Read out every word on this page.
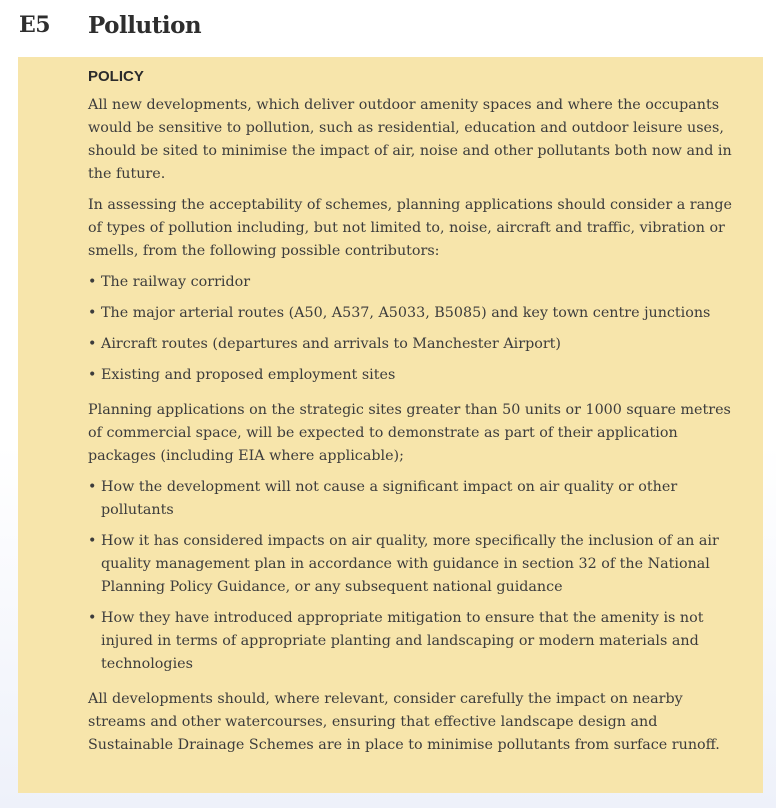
E5	Pollution
POLICY

All new developments, which deliver outdoor amenity spaces and where the occupants would be sensitive to pollution, such as residential, education and outdoor leisure uses, should be sited to minimise the impact of air, noise and other pollutants both now and in the future.

In assessing the acceptability of schemes, planning applications should consider a range of types of pollution including, but not limited to, noise, aircraft and traffic, vibration or smells, from the following possible contributors:

• The railway corridor
• The major arterial routes (A50, A537, A5033, B5085) and key town centre junctions
• Aircraft routes (departures and arrivals to Manchester Airport)
• Existing and proposed employment sites

Planning applications on the strategic sites greater than 50 units or 1000 square metres of commercial space, will be expected to demonstrate as part of their application packages (including EIA where applicable);

• How the development will not cause a significant impact on air quality or other pollutants
• How it has considered impacts on air quality, more specifically the inclusion of an air quality management plan in accordance with guidance in section 32 of the National Planning Policy Guidance, or any subsequent national guidance
• How they have introduced appropriate mitigation to ensure that the amenity is not injured in terms of appropriate planting and landscaping or modern materials and technologies

All developments should, where relevant, consider carefully the impact on nearby streams and other watercourses, ensuring that effective landscape design and Sustainable Drainage Schemes are in place to minimise pollutants from surface runoff.
